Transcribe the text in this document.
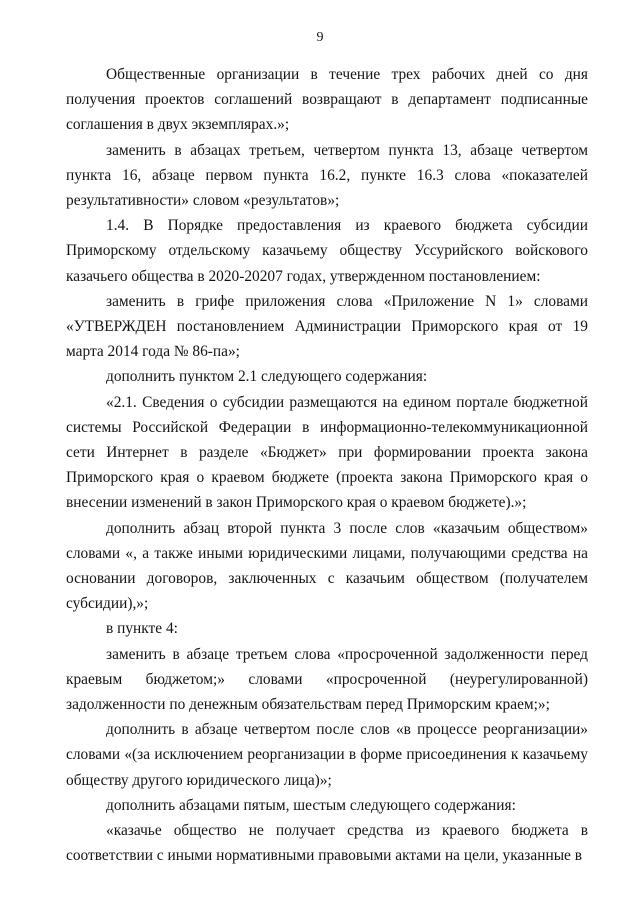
9

Общественные организации в течение трех рабочих дней со дня получения проектов соглашений возвращают в департамент подписанные соглашения в двух экземплярах.»;

заменить в абзацах третьем, четвертом пункта 13, абзаце четвертом пункта 16, абзаце первом пункта 16.2, пункте 16.3 слова «показателей результативности» словом «результатов»;

1.4. В Порядке предоставления из краевого бюджета субсидии Приморскому отдельскому казачьему обществу Уссурийского войскового казачьего общества в 2020-20207 годах, утвержденном постановлением:

заменить в грифе приложения слова «Приложение N 1» словами «УТВЕРЖДЕН постановлением Администрации Приморского края от 19 марта 2014 года № 86-па»;

дополнить пунктом 2.1 следующего содержания:

«2.1. Сведения о субсидии размещаются на едином портале бюджетной системы Российской Федерации в информационно-телекоммуникационной сети Интернет в разделе «Бюджет» при формировании проекта закона Приморского края о краевом бюджете (проекта закона Приморского края о внесении изменений в закон Приморского края о краевом бюджете).»;

дополнить абзац второй пункта 3 после слов «казачьим обществом» словами «, а также иными юридическими лицами, получающими средства на основании договоров, заключенных с казачьим обществом (получателем субсидии),»;

в пункте 4:

заменить в абзаце третьем слова «просроченной задолженности перед краевым бюджетом;» словами «просроченной (неурегулированной) задолженности по денежным обязательствам перед Приморским краем;»;

дополнить в абзаце четвертом после слов «в процессе реорганизации» словами «(за исключением реорганизации в форме присоединения к казачьему обществу другого юридического лица)»;

дополнить абзацами пятым, шестым следующего содержания:

«казачье общество не получает средства из краевого бюджета в соответствии с иными нормативными правовыми актами на цели, указанные в
